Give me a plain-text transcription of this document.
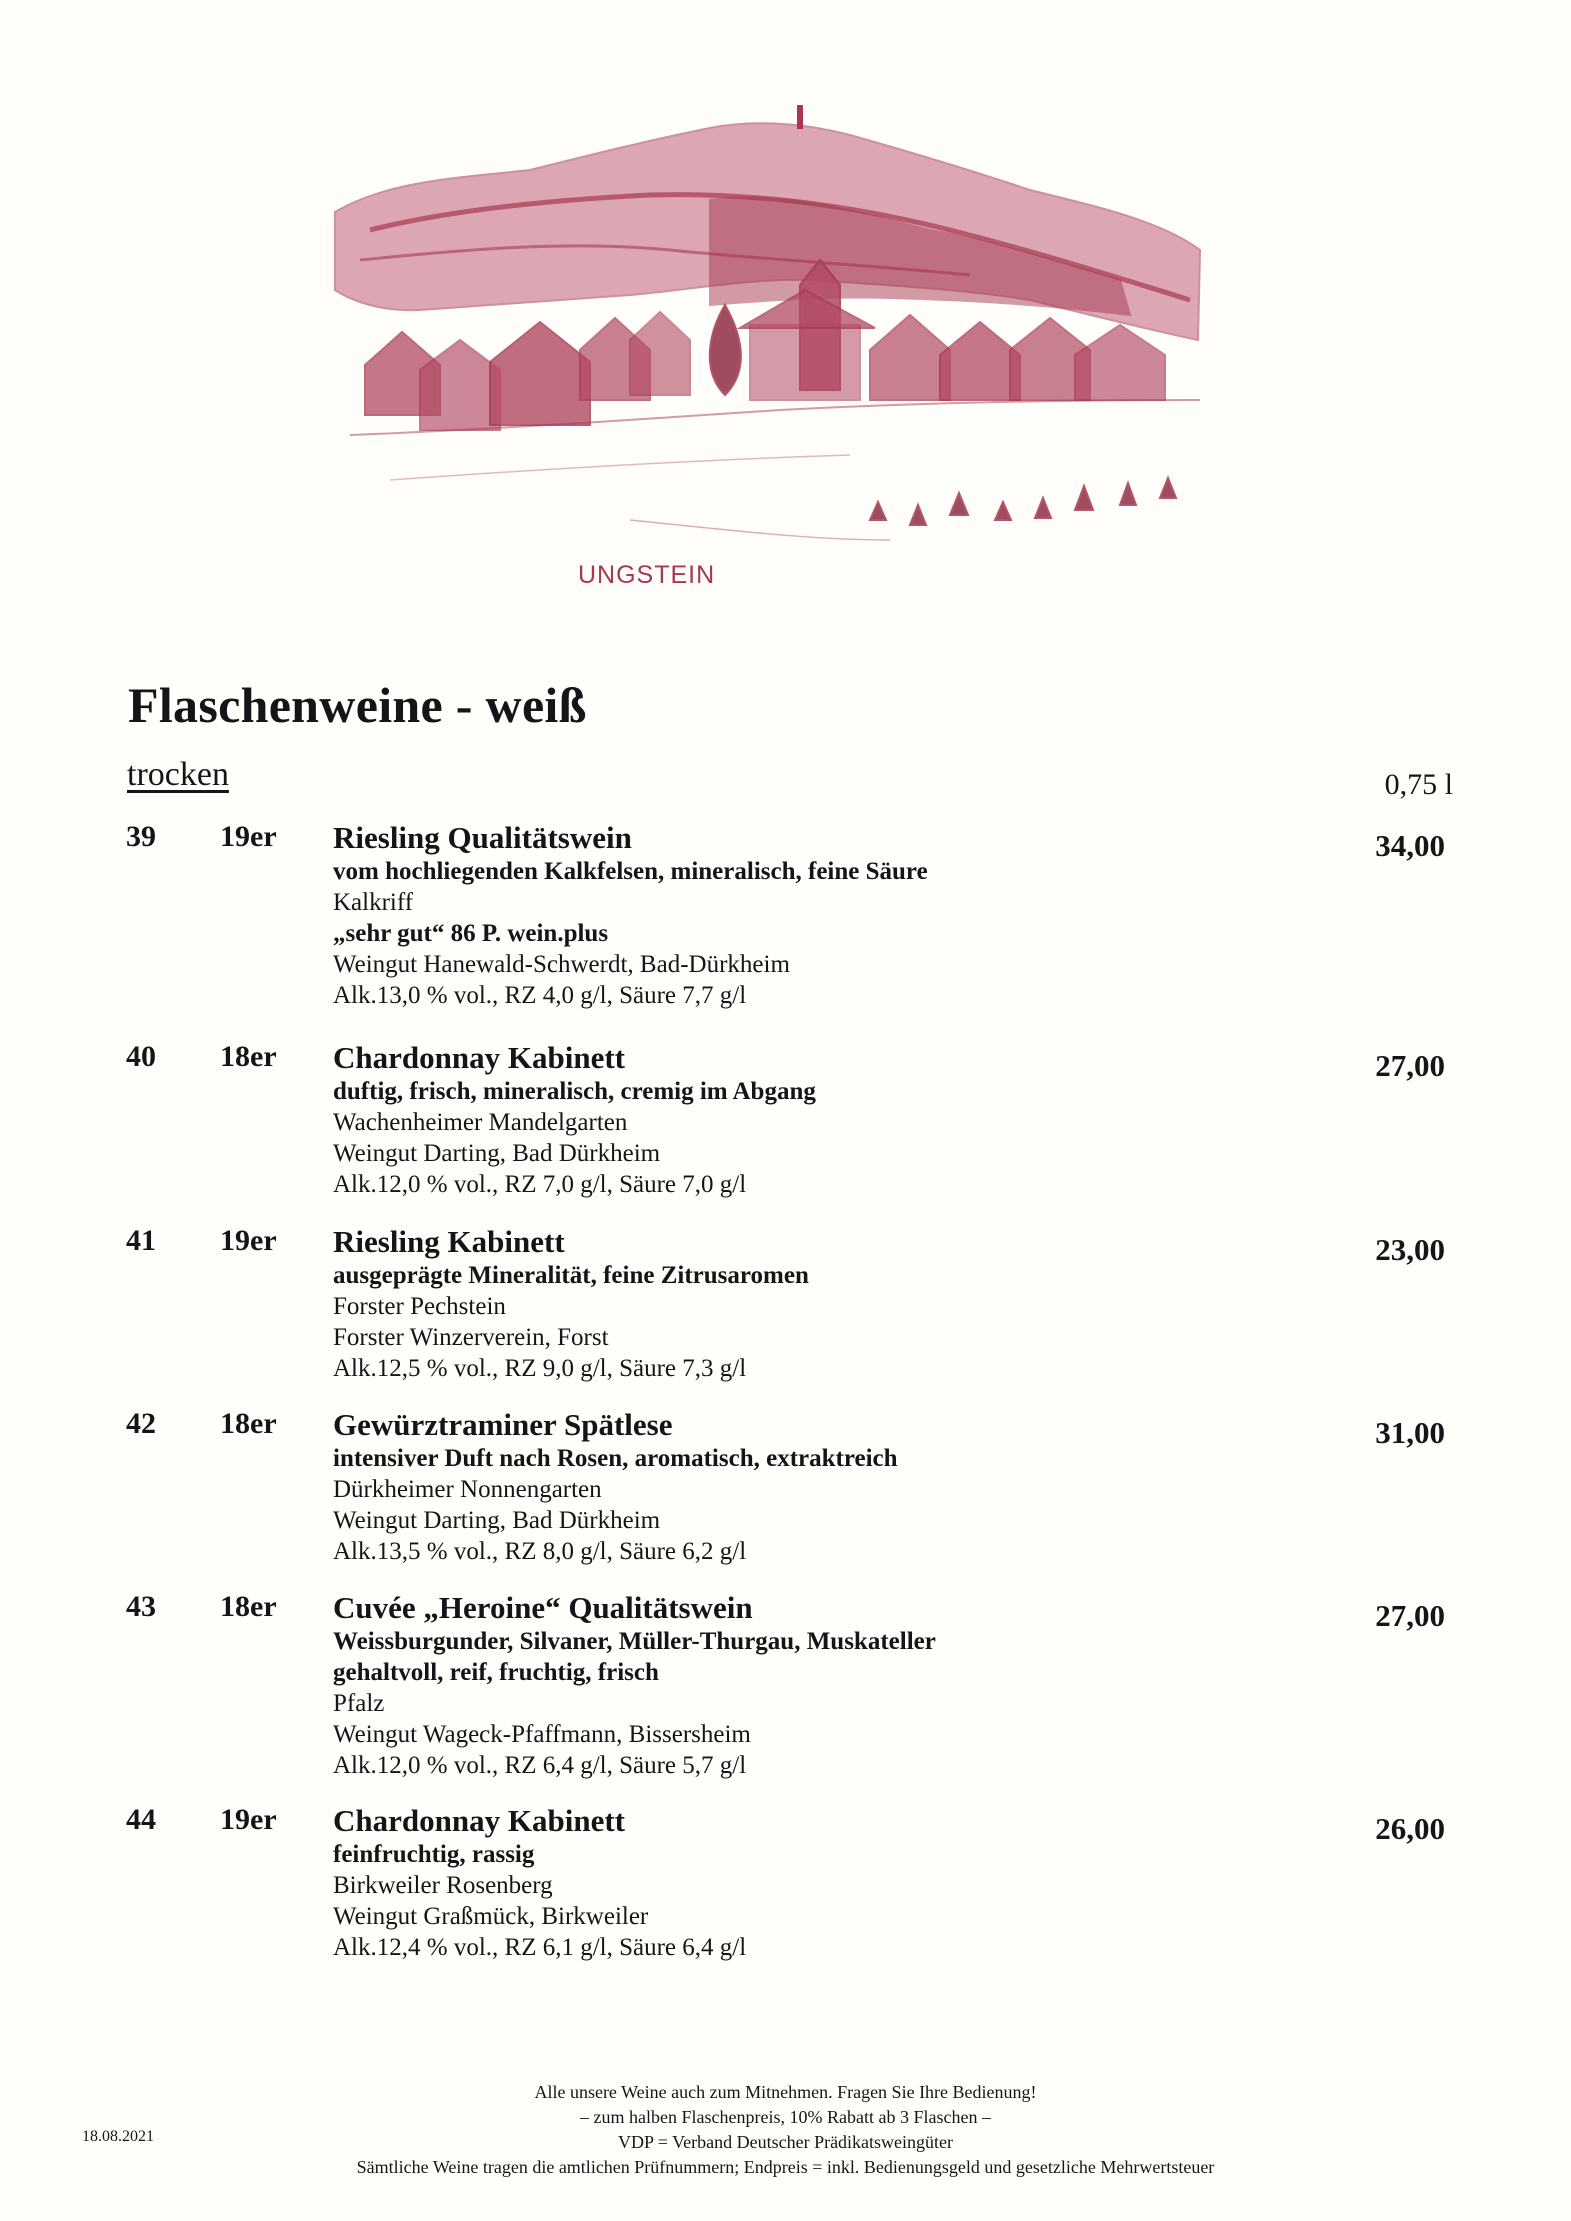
UNGSTEIN
Flaschenweine - weiß
trocken	0,75 l
39 19er Riesling Qualitätswein
vom hochliegenden Kalkfelsen, mineralisch, feine Säure
Kalkriff
„sehr gut“ 86 P. wein.plus
Weingut Hanewald-Schwerdt, Bad-Dürkheim
Alk.13,0 % vol., RZ 4,0 g/l, Säure 7,7 g/l
34,00
40 18er Chardonnay Kabinett
duftig, frisch, mineralisch, cremig im Abgang
Wachenheimer Mandelgarten
Weingut Darting, Bad Dürkheim
Alk.12,0 % vol., RZ 7,0 g/l, Säure 7,0 g/l
27,00
41 19er Riesling Kabinett
ausgeprägte Mineralität, feine Zitrusaromen
Forster Pechstein
Forster Winzerverein, Forst
Alk.12,5 % vol., RZ 9,0 g/l, Säure 7,3 g/l
23,00
42 18er Gewürztraminer Spätlese
intensiver Duft nach Rosen, aromatisch, extraktreich
Dürkheimer Nonnengarten
Weingut Darting, Bad Dürkheim
Alk.13,5 % vol., RZ 8,0 g/l, Säure 6,2 g/l
31,00
43 18er Cuvée „Heroine“ Qualitätswein
Weissburgunder, Silvaner, Müller-Thurgau, Muskateller
gehaltvoll, reif, fruchtig, frisch
Pfalz
Weingut Wageck-Pfaffmann, Bissersheim
Alk.12,0 % vol., RZ 6,4 g/l, Säure 5,7 g/l
27,00
44 19er Chardonnay Kabinett
feinfruchtig, rassig
Birkweiler Rosenberg
Weingut Graßmück, Birkweiler
Alk.12,4 % vol., RZ 6,1 g/l, Säure 6,4 g/l
26,00
Alle unsere Weine auch zum Mitnehmen. Fragen Sie Ihre Bedienung!
– zum halben Flaschenpreis, 10% Rabatt ab 3 Flaschen –
VDP = Verband Deutscher Prädikatsweingüter
Sämtliche Weine tragen die amtlichen Prüfnummern; Endpreis = inkl. Bedienungsgeld und gesetzliche Mehrwertsteuer
18.08.2021
